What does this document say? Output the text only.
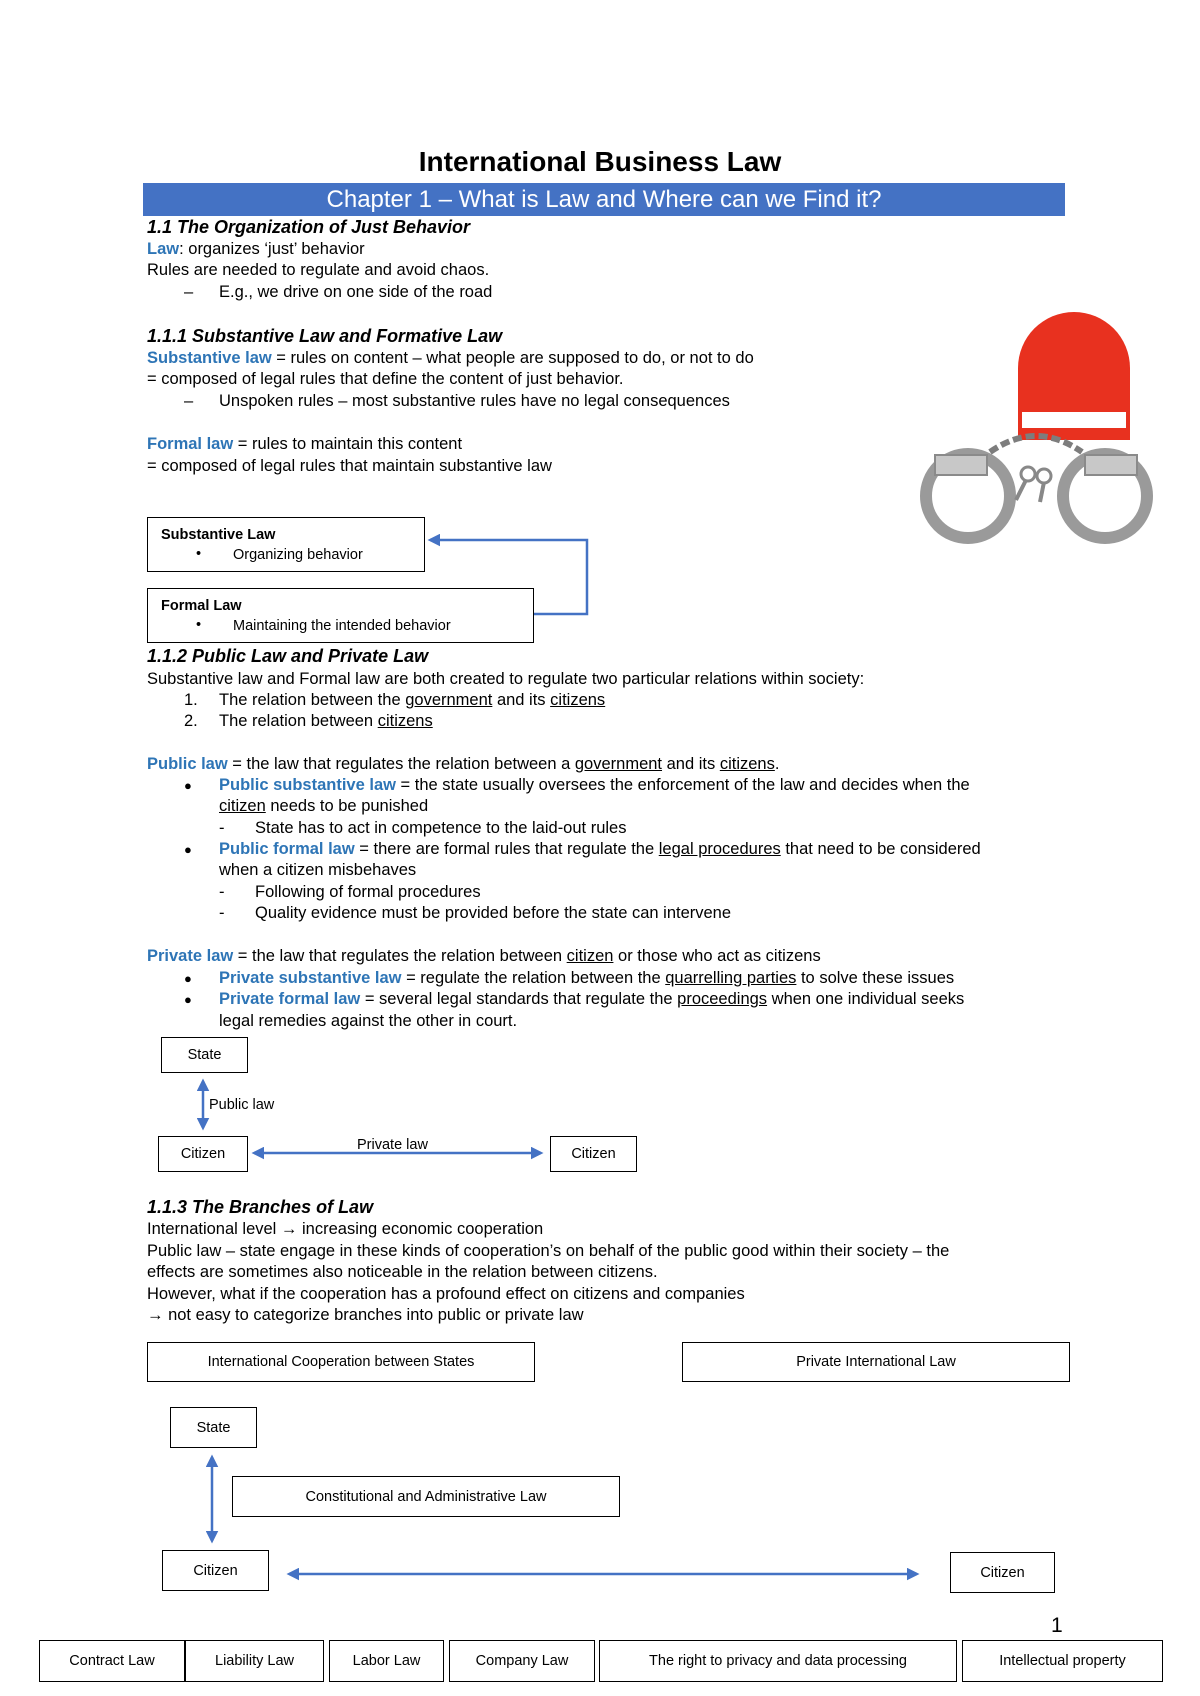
International Business Law
Chapter 1 – What is Law and Where can we Find it?
1.1 The Organization of Just Behavior
Law: organizes ‘just’ behavior
Rules are needed to regulate and avoid chaos.
– E.g., we drive on one side of the road
1.1.1 Substantive Law and Formative Law
Substantive law = rules on content – what people are supposed to do, or not to do
= composed of legal rules that define the content of just behavior.
– Unspoken rules – most substantive rules have no legal consequences
Formal law = rules to maintain this content
= composed of legal rules that maintain substantive law
Substantive Law
• Organizing behavior
Formal Law
• Maintaining the intended behavior
1.1.2 Public Law and Private Law
Substantive law and Formal law are both created to regulate two particular relations within society:
1. The relation between the government and its citizens
2. The relation between citizens
Public law = the law that regulates the relation between a government and its citizens.
● Public substantive law = the state usually oversees the enforcement of the law and decides when the
citizen needs to be punished
- State has to act in competence to the laid-out rules
● Public formal law = there are formal rules that regulate the legal procedures that need to be considered
when a citizen misbehaves
- Following of formal procedures
- Quality evidence must be provided before the state can intervene
Private law = the law that regulates the relation between citizen or those who act as citizens
● Private substantive law = regulate the relation between the quarrelling parties to solve these issues
● Private formal law = several legal standards that regulate the proceedings when one individual seeks
legal remedies against the other in court.
State
Public law
Citizen
Private law
Citizen
1.1.3 The Branches of Law
International level → increasing economic cooperation
Public law – state engage in these kinds of cooperation’s on behalf of the public good within their society – the
effects are sometimes also noticeable in the relation between citizens.
However, what if the cooperation has a profound effect on citizens and companies
→ not easy to categorize branches into public or private law
International Cooperation between States	Private International Law
State
Constitutional and Administrative Law
Citizen	Citizen
1
Contract Law	Liability Law	Labor Law	Company Law	The right to privacy and data processing	Intellectual property
